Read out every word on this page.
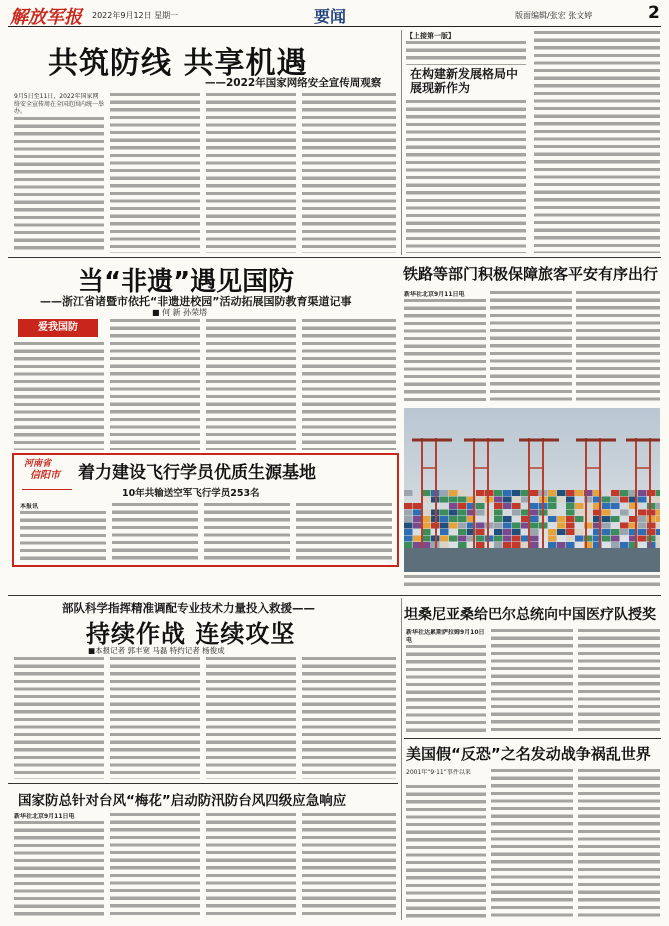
解放军报 2022年9月12日 星期一	要闻	版面编辑/张宏 张文婷	2
共筑防线 共享机遇
——2022年国家网络安全宣传周观察
9月5日至11日，2022年国家网络安全宣传周在全国范围内统一举办。
【上接第一版】
在构建新发展格局中展现新作为
当“非遗”遇见国防
——浙江省诸暨市依托“非遗进校园”活动拓展国防教育渠道记事
■ 何 新 孙荣塔
爱我国防
河南省
信阳市	着力建设飞行学员优质生源基地
10年共输送空军飞行学员253名
本报讯
铁路等部门积极保障旅客平安有序出行
新华社北京9月11日电
部队科学指挥精准调配专业技术力量投入救援——
持续作战 连续攻坚
■本报记者 郭丰宽 马磊 特约记者 杨俊成
国家防总针对台风“梅花”启动防汛防台风四级应急响应
新华社北京9月11日电
坦桑尼亚桑给巴尔总统向中国医疗队授奖
新华社达累斯萨拉姆9月10日电
美国假“反恐”之名发动战争祸乱世界
2001年“9·11”事件以来
